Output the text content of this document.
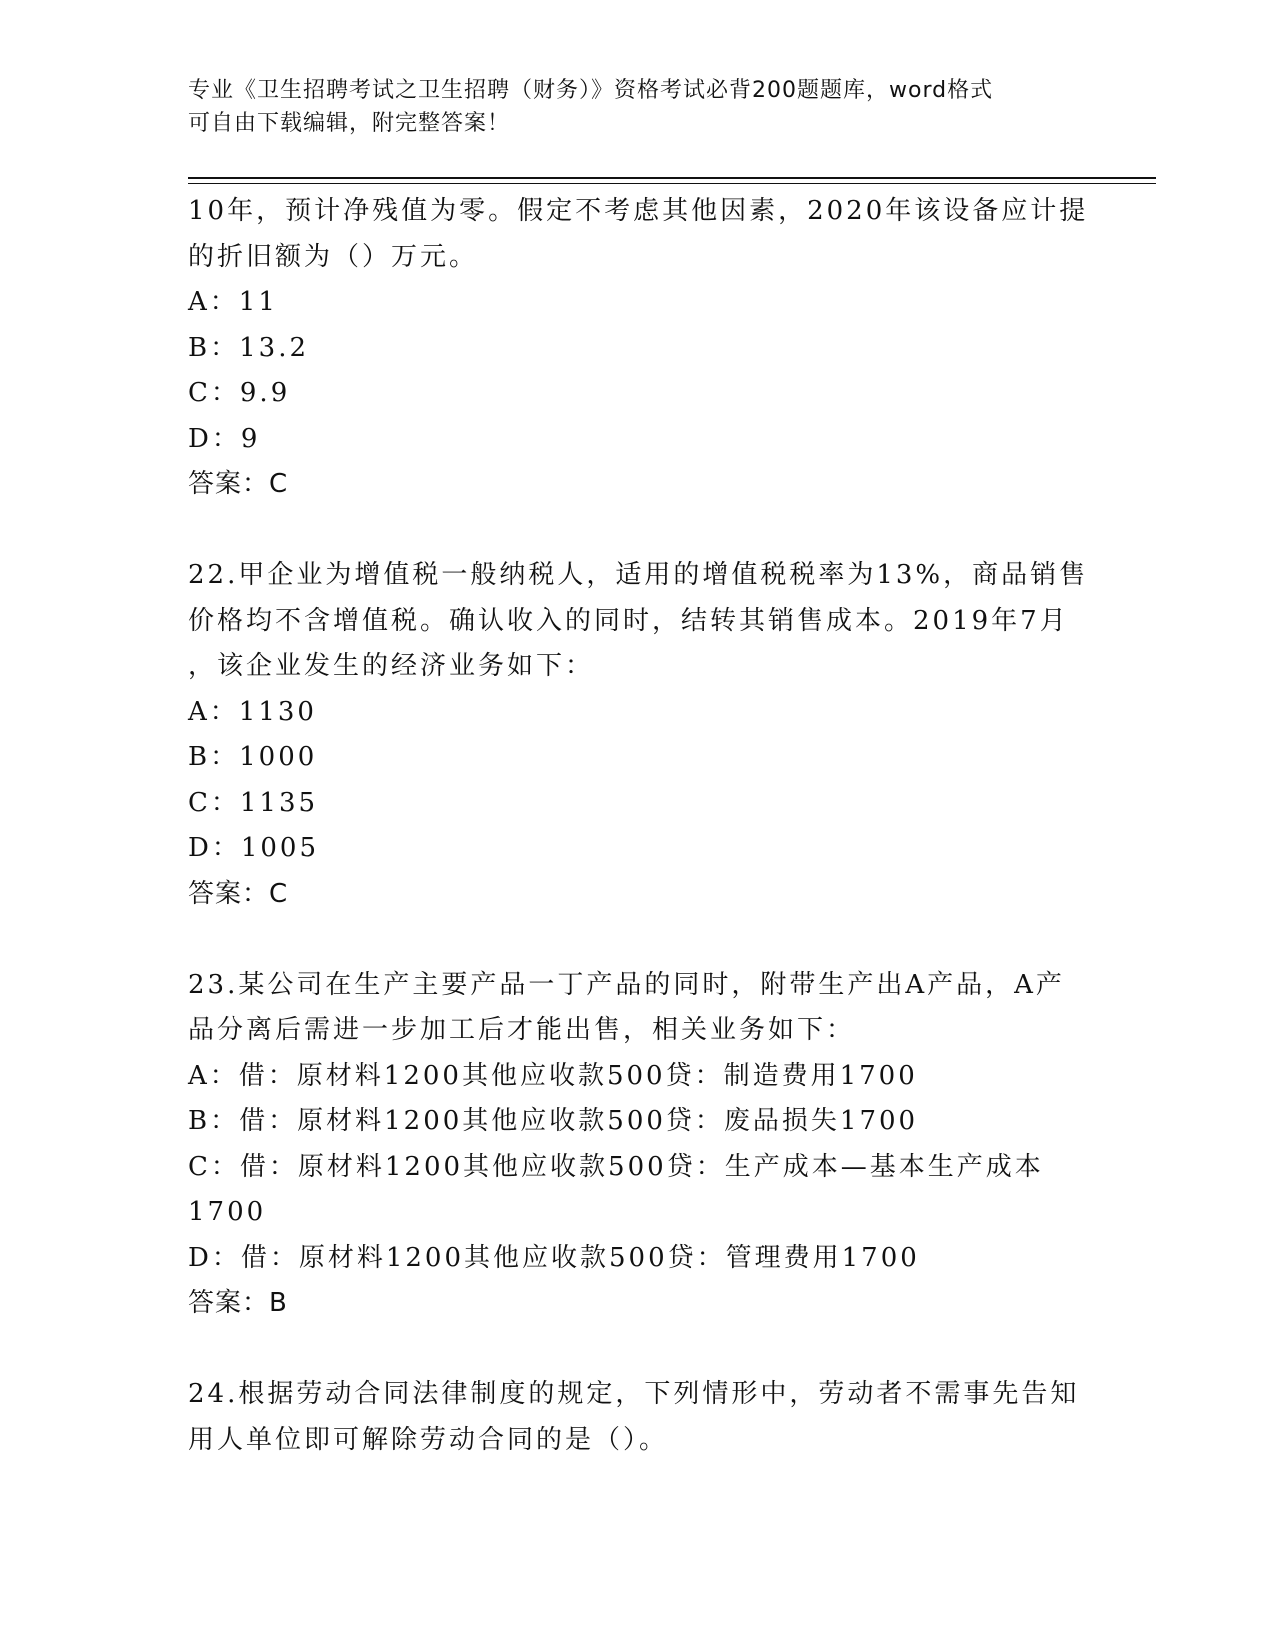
专业《卫生招聘考试之卫生招聘（财务）》资格考试必背200题题库，word格式
可自由下载编辑，附完整答案！
10年，预计净残值为零。假定不考虑其他因素，2020年该设备应计提
的折旧额为（）万元。
A：11
B：13.2
C：9.9
D：9
答案：C
22.甲企业为增值税一般纳税人，适用的增值税税率为13%，商品销售
价格均不含增值税。确认收入的同时，结转其销售成本。2019年7月
，该企业发生的经济业务如下：
A：1130
B：1000
C：1135
D：1005
答案：C
23.某公司在生产主要产品一丁产品的同时，附带生产出A产品，A产
品分离后需进一步加工后才能出售，相关业务如下：
A：借：原材料1200其他应收款500贷：制造费用1700
B：借：原材料1200其他应收款500贷：废品损失1700
C：借：原材料1200其他应收款500贷：生产成本—基本生产成本
1700
D：借：原材料1200其他应收款500贷：管理费用1700
答案：B
24.根据劳动合同法律制度的规定，下列情形中，劳动者不需事先告知
用人单位即可解除劳动合同的是（）。
